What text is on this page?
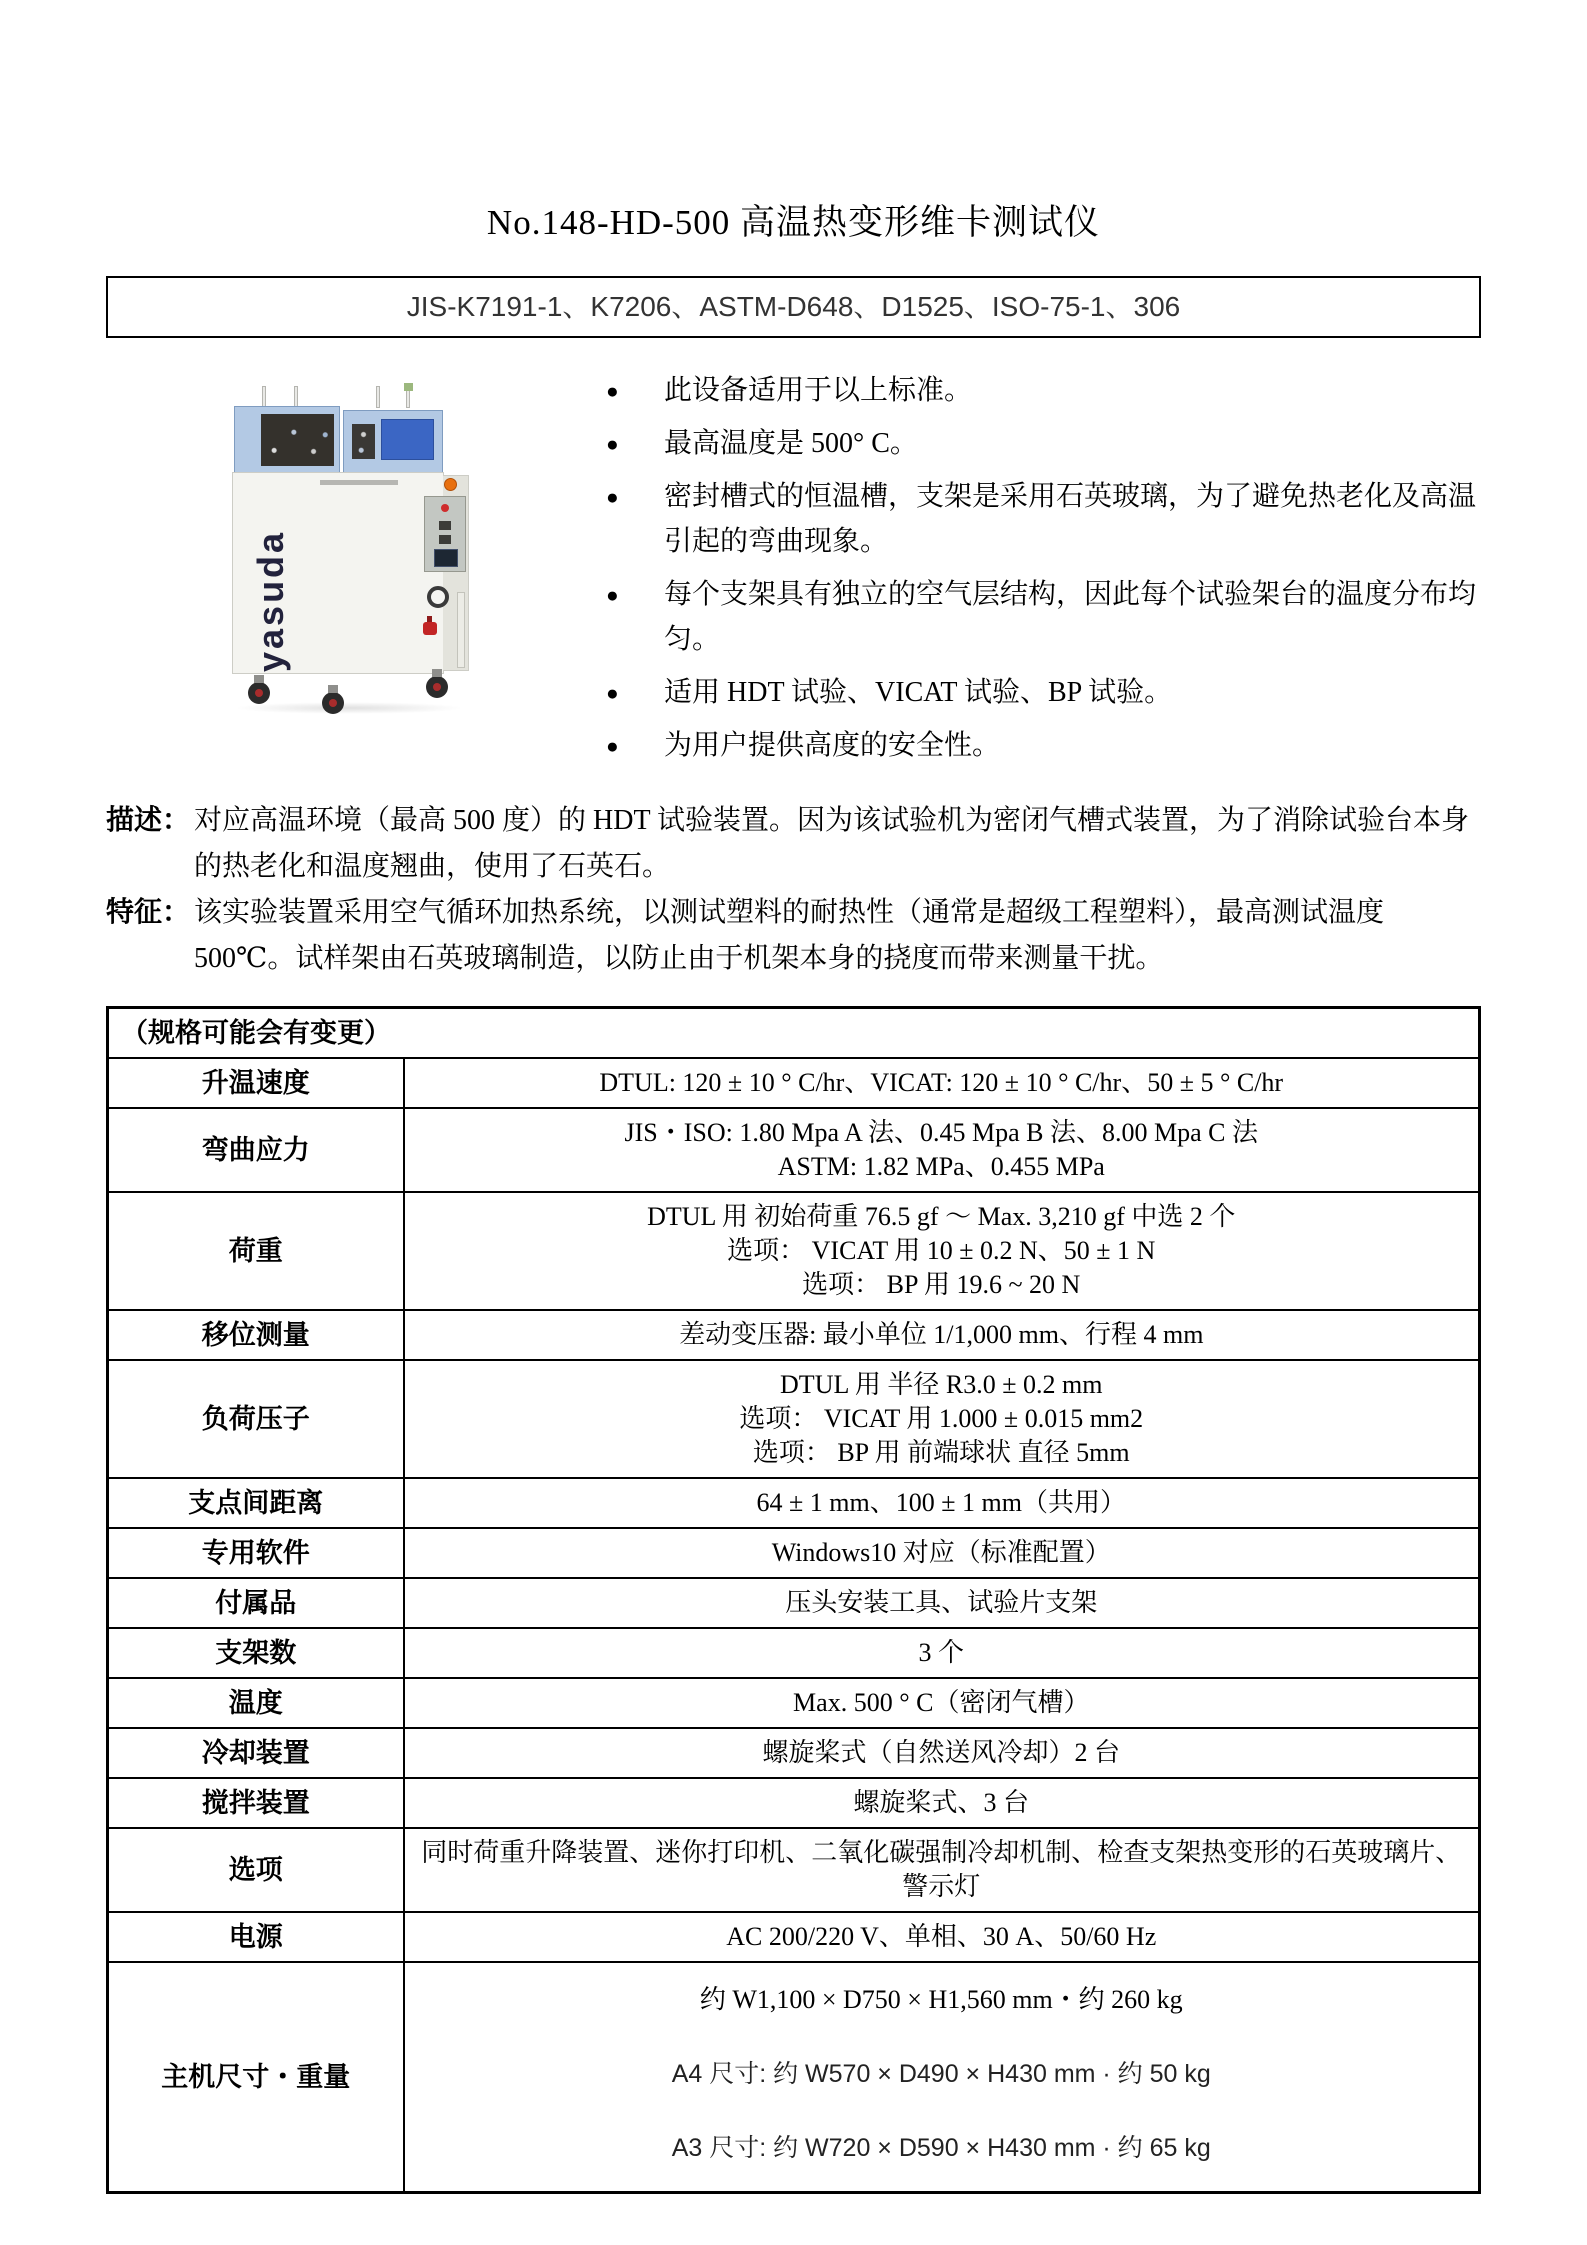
No.148-HD-500 高温热变形维卡测试仪
JIS-K7191-1、K7206、ASTM-D648、D1525、ISO-75-1、306
yasuda
● 此设备适用于以上标准。
● 最高温度是 500° C。
● 密封槽式的恒温槽，支架是采用石英玻璃，为了避免热老化及高温引起的弯曲现象。
● 每个支架具有独立的空气层结构，因此每个试验架台的温度分布均匀。
● 适用 HDT 试验、VICAT 试验、BP 试验。
● 为用户提供高度的安全性。
描述： 对应高温环境（最高 500 度）的 HDT 试验装置。因为该试验机为密闭气槽式装置，为了消除试验台本身的热老化和温度翘曲，使用了石英石。
特征： 该实验装置采用空气循环加热系统，以测试塑料的耐热性（通常是超级工程塑料），最高测试温度 500℃。试样架由石英玻璃制造，以防止由于机架本身的挠度而带来测量干扰。
（规格可能会有变更）	
升温速度	DTUL: 120 ± 10 ° C/hr、VICAT: 120 ± 10 ° C/hr、50 ± 5 ° C/hr

弯曲应力	JIS・ISO: 1.80 Mpa A 法、0.45 Mpa B 法、8.00 Mpa C 法
ASTM: 1.82 MPa、0.455 MPa

荷重	DTUL 用 初始荷重 76.5 gf ～ Max. 3,210 gf 中选 2 个
选项： VICAT 用 10 ± 0.2 N、50 ± 1 N
选项： BP 用 19.6 ~ 20 N

移位测量	差动变压器: 最小单位 1/1,000 mm、行程 4 mm

负荷压子	DTUL 用 半径 R3.0 ± 0.2 mm
选项： VICAT 用 1.000 ± 0.015 mm2
选项： BP 用 前端球状 直径 5mm

支点间距离	64 ± 1 mm、100 ± 1 mm（共用）

专用软件	Windows10 对应（标准配置）

付属品	压头安装工具、试验片支架

支架数	3 个

温度	Max. 500 ° C（密闭气槽）

冷却装置	螺旋桨式（自然送风冷却）2 台

搅拌装置	螺旋桨式、3 台

选项	同时荷重升降装置、迷你打印机、二氧化碳强制冷却机制、检查支架热变形的石英玻璃片、警示灯

电源	AC 200/220 V、单相、30 A、50/60 Hz

主机尺寸・重量	约 W1,100 × D750 × H1,560 mm・约 260 kg
A4 尺寸: 约 W570 × D490 × H430 mm · 约 50 kg
A3 尺寸: 约 W720 × D590 × H430 mm · 约 65 kg
